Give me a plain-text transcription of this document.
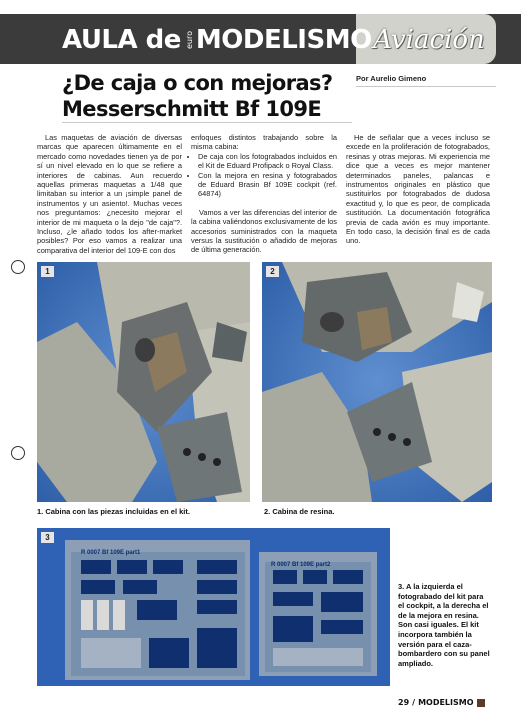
AULA de euro MODELISMO Aviación
¿De caja o con mejoras?
Messerschmitt Bf 109E
Por Aurelio Gimeno

Las maquetas de aviación de diversas marcas que aparecen últimamente en el mercado como novedades tienen ya de por sí un nivel elevado en lo que se refiere a interiores de cabinas. Aun recuerdo aquellas primeras maquetas a 1/48 que limitaban su interior a un ¡simple panel de instrumentos y un asiento!. Muchas veces nos preguntamos: ¿necesito mejorar el interior de mi maqueta o la dejo "de caja"?. Incluso, ¿le añado todos los after-market posibles? Por eso vamos a realizar una comparativa del interior del 109-E con dos

enfoques distintos trabajando sobre la misma cabina:

• De caja con los fotograbados incluidos en el Kit de Eduard Profipack o Royal Class.
• Con la mejora en resina y fotograbados de Eduard Brasin Bf 109E cockpit (ref. 64874)

Vamos a ver las diferencias del interior de la cabina valiéndonos exclusivamente de los accesorios suministrados con la maqueta versus la sustitución o añadido de mejoras de última generación.

He de señalar que a veces incluso se excede en la proliferación de fotograbados, resinas y otras mejoras. Mi experiencia me dice que a veces es mejor mantener determinados paneles, palancas e instrumentos originales en plástico que sustituirlos por fotograbados de dudosa exactitud y, lo que es peor, de complicada sustitución. La documentación fotográfica previa de cada avión es muy importante. En todo caso, la decisión final es de cada uno.

1	2
1. Cabina con las piezas incluidas en el kit.	2. Cabina de resina.
R 0007 Bf 109E part1
R 0007 Bf 109E part2
3
3. A la izquierda el fotograbado del kit para el cockpit, a la derecha el de la mejora en resina. Son casi iguales. El kit incorpora también la versión para el caza-bombardero con su panel ampliado.
29 / MODELISMO
